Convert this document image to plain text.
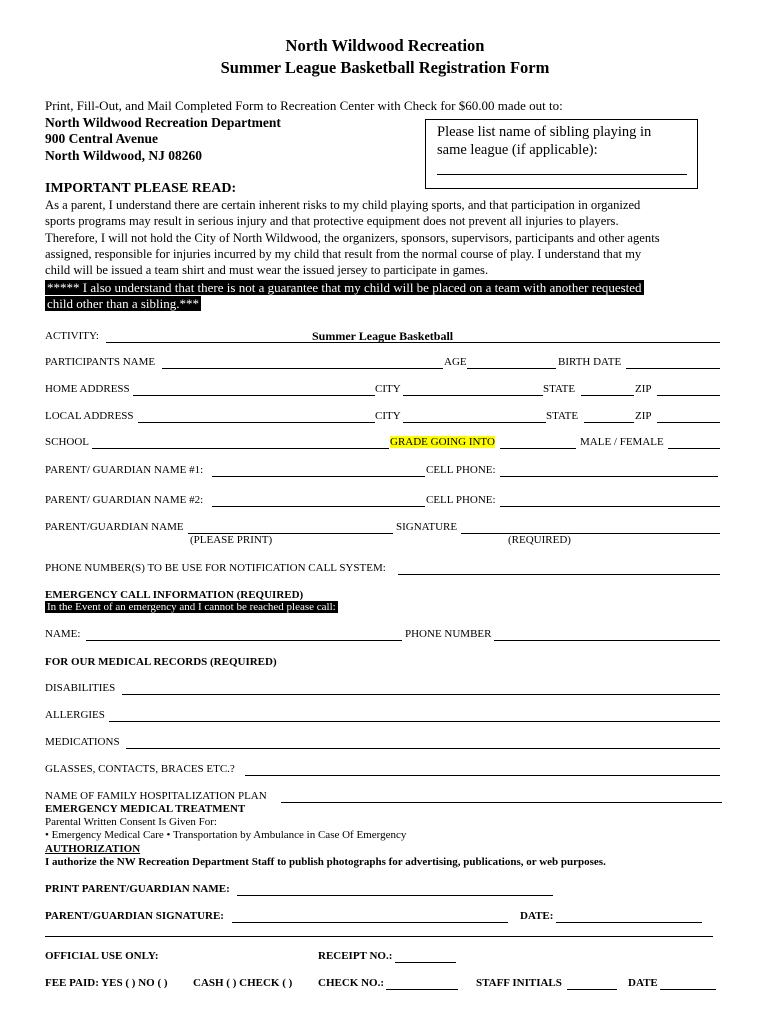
North Wildwood Recreation
Summer League Basketball Registration Form
Print, Fill-Out, and Mail Completed Form to Recreation Center with Check for $60.00 made out to:
North Wildwood Recreation Department
900 Central Avenue
North Wildwood, NJ 08260
Please list name of sibling playing in
same league (if applicable):
IMPORTANT PLEASE READ:
As a parent, I understand there are certain inherent risks to my child playing sports, and that participation in organized
sports programs may result in serious injury and that protective equipment does not prevent all injuries to players.
Therefore, I will not hold the City of North Wildwood, the organizers, sponsors, supervisors, participants and other agents
assigned, responsible for injuries incurred by my child that result from the normal course of play. I understand that my
child will be issued a team shirt and must wear the issued jersey to participate in games.
***** I also understand that there is not a guarantee that my child will be placed on a team with another requested
child other than a sibling.***
ACTIVITY:	Summer League Basketball
PARTICIPANTS NAME	AGE	BIRTH DATE
HOME ADDRESS	CITY	STATE	ZIP
LOCAL ADDRESS	CITY	STATE	ZIP
SCHOOL	GRADE GOING INTO	MALE / FEMALE
PARENT/ GUARDIAN NAME #1:	CELL PHONE:
PARENT/ GUARDIAN NAME #2:	CELL PHONE:
PARENT/GUARDIAN NAME	SIGNATURE
(PLEASE PRINT)	(REQUIRED)
PHONE NUMBER(S) TO BE USE FOR NOTIFICATION CALL SYSTEM:
EMERGENCY CALL INFORMATION (REQUIRED)
In the Event of an emergency and I cannot be reached please call:
NAME:	PHONE NUMBER
FOR OUR MEDICAL RECORDS (REQUIRED)
DISABILITIES
ALLERGIES
MEDICATIONS
GLASSES, CONTACTS, BRACES ETC.?
NAME OF FAMILY HOSPITALIZATION PLAN
EMERGENCY MEDICAL TREATMENT
Parental Written Consent Is Given For:
• Emergency Medical Care • Transportation by Ambulance in Case Of Emergency
AUTHORIZATION
I authorize the NW Recreation Department Staff to publish photographs for advertising, publications, or web purposes.
PRINT PARENT/GUARDIAN NAME:
PARENT/GUARDIAN SIGNATURE:	DATE:
OFFICIAL USE ONLY:	RECEIPT NO.:
FEE PAID: YES ( ) NO ( ) CASH ( ) CHECK ( ) CHECK NO.:	STAFF INITIALS	DATE
